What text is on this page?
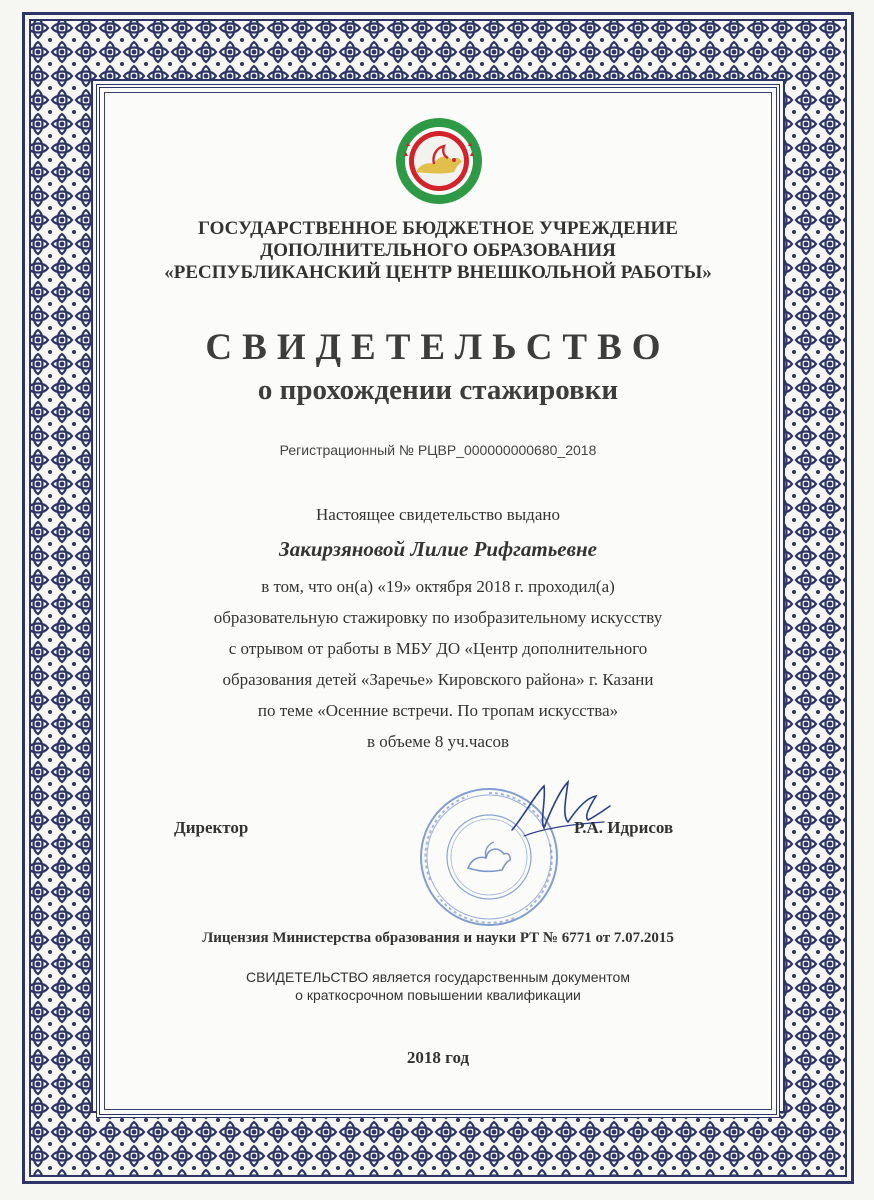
ГОСУДАРСТВЕННОЕ БЮДЖЕТНОЕ УЧРЕЖДЕНИЕ
ДОПОЛНИТЕЛЬНОГО ОБРАЗОВАНИЯ
«РЕСПУБЛИКАНСКИЙ ЦЕНТР ВНЕШКОЛЬНОЙ РАБОТЫ»
СВИДЕТЕЛЬСТВО
о прохождении стажировки
Регистрационный № РЦВР_000000000680_2018
Настоящее свидетельство выдано
Закирзяновой Лилие Рифгатьевне
в том, что он(а) «19» октября 2018 г. проходил(а)
образовательную стажировку по изобразительному искусству
с отрывом от работы в МБУ ДО «Центр дополнительного
образования детей «Заречье» Кировского района» г. Казани
по теме «Осенние встречи. По тропам искусства»
в объеме 8 уч.часов
Директор	Р.А. Идрисов
Лицензия Министерства образования и науки РТ № 6771 от 7.07.2015
СВИДЕТЕЛЬСТВО является государственным документом
о краткосрочном повышении квалификации
2018 год
